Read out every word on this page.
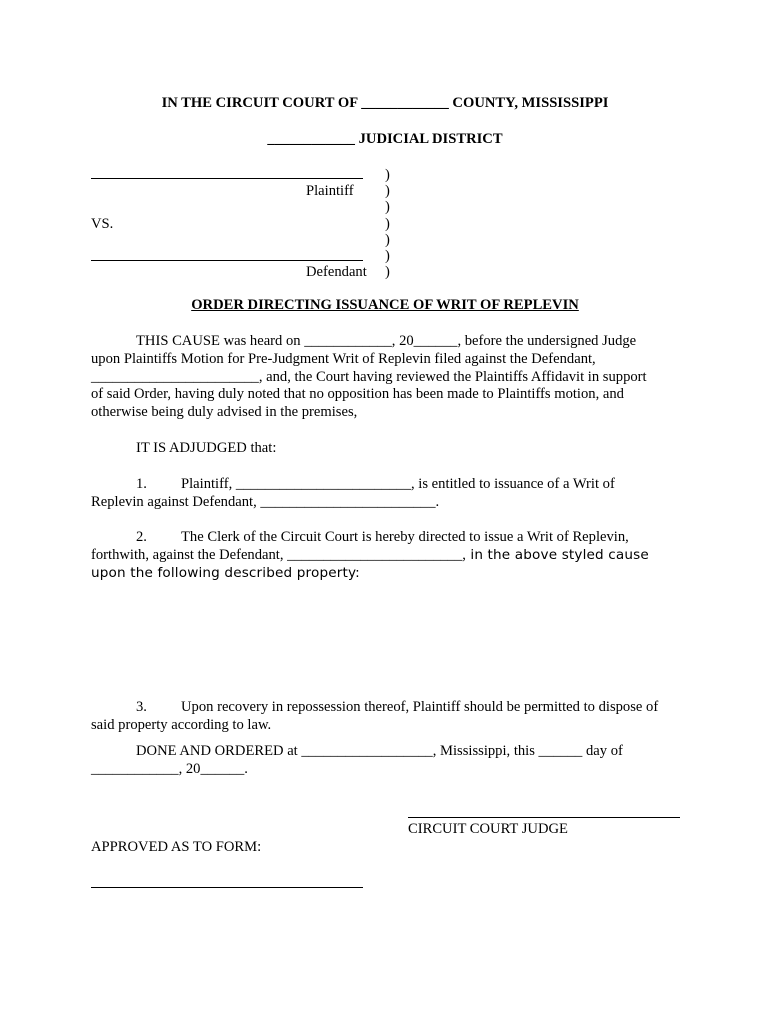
IN THE CIRCUIT COURT OF ____________ COUNTY, MISSISSIPPI
____________ JUDICIAL DISTRICT
Plaintiff
VS.
Defendant
)
)
)
)
)
)
)
ORDER DIRECTING ISSUANCE OF WRIT OF REPLEVIN
THIS CAUSE was heard on ____________, 20______, before the undersigned Judge
upon Plaintiffs Motion for Pre-Judgment Writ of Replevin filed against the Defendant,
_______________________, and, the Court having reviewed the Plaintiffs Affidavit in support
of said Order, having duly noted that no opposition has been made to Plaintiffs motion, and
otherwise being duly advised in the premises,
IT IS ADJUDGED that:
1. Plaintiff, ________________________, is entitled to issuance of a Writ of
Replevin against Defendant, ________________________.
2. The Clerk of the Circuit Court is hereby directed to issue a Writ of Replevin,
forthwith, against the Defendant, ________________________, in the above styled cause
upon the following described property:
3. Upon recovery in repossession thereof, Plaintiff should be permitted to dispose of
said property according to law.
DONE AND ORDERED at __________________, Mississippi, this ______ day of
____________, 20______.
CIRCUIT COURT JUDGE
APPROVED AS TO FORM:
